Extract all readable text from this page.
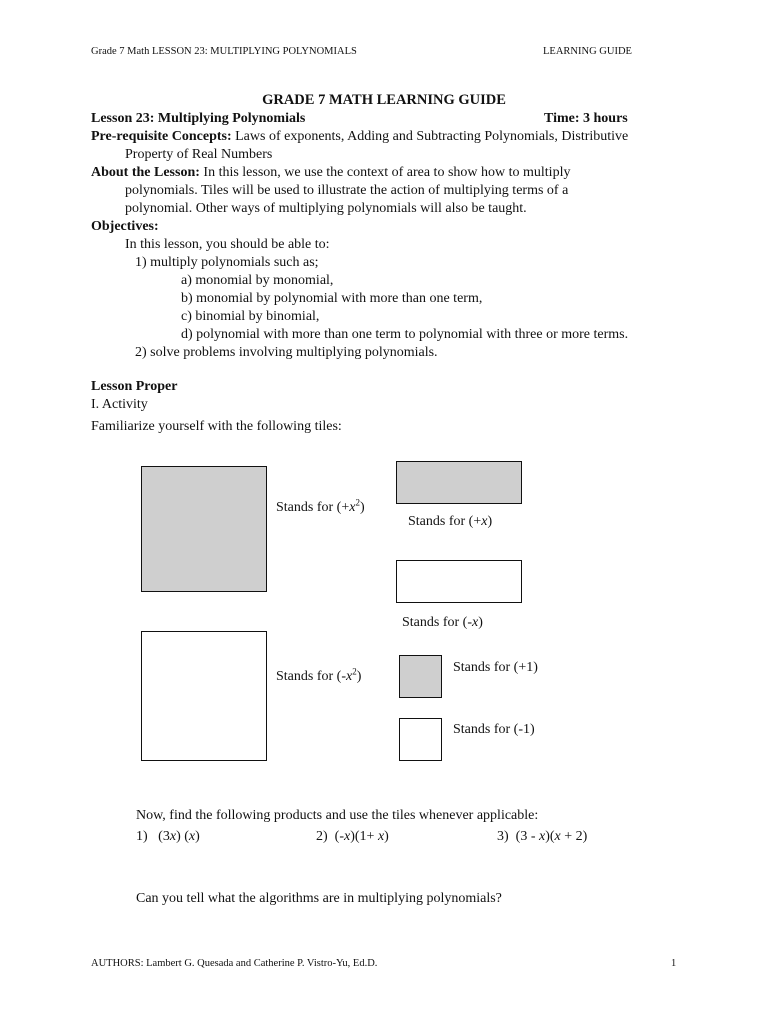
Grade 7 Math LESSON 23: MULTIPLYING POLYNOMIALS	LEARNING GUIDE
GRADE 7 MATH LEARNING GUIDE
Lesson 23: Multiplying Polynomials	Time: 3 hours
Pre-requisite Concepts: Laws of exponents, Adding and Subtracting Polynomials, Distributive
Property of Real Numbers
About the Lesson: In this lesson, we use the context of area to show how to multiply
polynomials. Tiles will be used to illustrate the action of multiplying terms of a
polynomial. Other ways of multiplying polynomials will also be taught.
Objectives:
In this lesson, you should be able to:
1) multiply polynomials such as;
a) monomial by monomial,
b) monomial by polynomial with more than one term,
c) binomial by binomial,
d) polynomial with more than one term to polynomial with three or more terms.
2) solve problems involving multiplying polynomials.
Lesson Proper
I. Activity
Familiarize yourself with the following tiles:
Stands for $(+x^2)$
Stands for $(-x^2)$
Stands for (+x)
Stands for (-x)
Stands for (+1)
Stands for (-1)
Now, find the following products and use the tiles whenever applicable:
1) (3x) (x)	2) (-x)(1+ x)	3) (3 - x)(x + 2)
Can you tell what the algorithms are in multiplying polynomials?
AUTHORS: Lambert G. Quesada and Catherine P. Vistro-Yu, Ed.D.	1
